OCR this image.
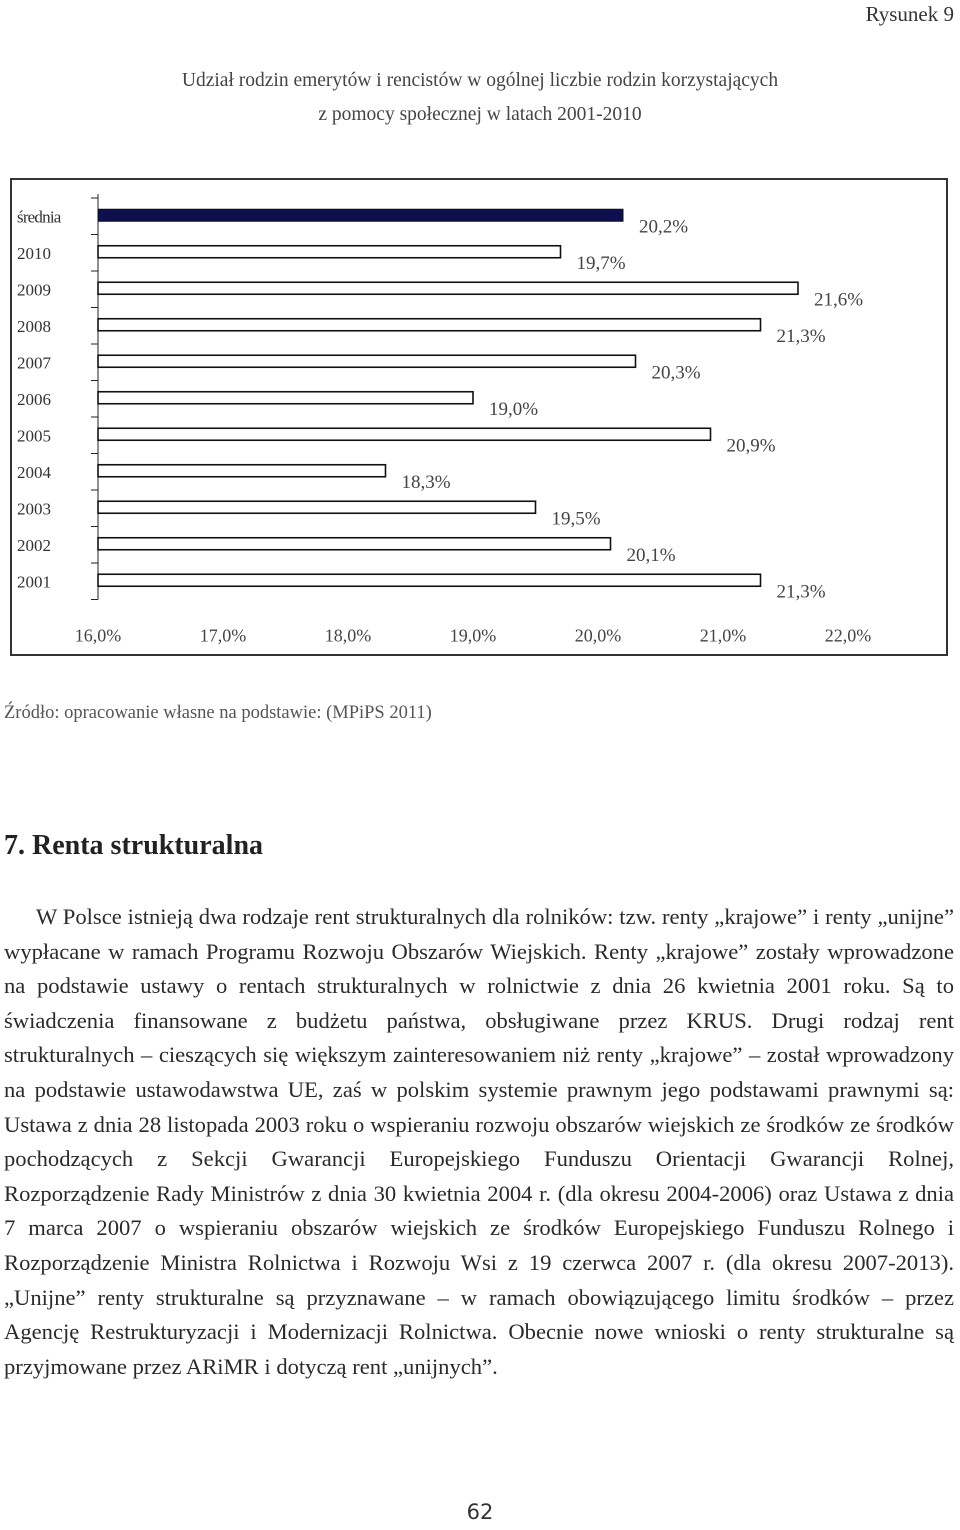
Rysunek 9
Udział rodzin emerytów i rencistów w ogólnej liczbie rodzin korzystających
z pomocy społecznej w latach 2001-2010
średnia	20,2%
2010	19,7%
2009	21,6%
2008	21,3%
2007	20,3%
2006	19,0%
2005	20,9%
2004	18,3%
2003	19,5%
2002	20,1%
2001	21,3%
16,0%	17,0%	18,0%	19,0%	20,0%	21,0%	22,0%
Źródło: opracowanie własne na podstawie: (MPiPS 2011)
7. Renta strukturalna
W Polsce istnieją dwa rodzaje rent strukturalnych dla rolników: tzw. renty „krajowe” i renty „unijne” wypłacane w ramach Programu Rozwoju Obszarów Wiejskich. Renty „krajowe” zostały wprowadzone na podstawie ustawy o rentach strukturalnych w rolnictwie z dnia 26 kwietnia 2001 roku. Są to świadczenia finansowane z budżetu państwa, obsługiwane przez KRUS. Drugi rodzaj rent strukturalnych – cieszących się większym zainteresowaniem niż renty „krajowe” – został wprowadzony na podstawie ustawodawstwa UE, zaś w polskim systemie prawnym jego podstawami prawnymi są: Ustawa z dnia 28 listopada 2003 roku o wspieraniu rozwoju obszarów wiejskich ze środków ze środków pochodzących z Sekcji Gwarancji Europejskiego Funduszu Orientacji Gwarancji Rolnej, Rozporządzenie Rady Ministrów z dnia 30 kwietnia 2004 r. (dla okresu 2004-2006) oraz Ustawa z dnia 7 marca 2007 o wspieraniu obszarów wiejskich ze środków Europejskiego Funduszu Rolnego i Rozporządzenie Ministra Rolnictwa i Rozwoju Wsi z 19 czerwca 2007 r. (dla okresu 2007-2013). „Unijne” renty strukturalne są przyznawane – w ramach obowiązującego limitu środków – przez Agencję Restrukturyzacji i Modernizacji Rolnictwa. Obecnie nowe wnioski o renty strukturalne są przyjmowane przez ARiMR i dotyczą rent „unijnych”.
62
